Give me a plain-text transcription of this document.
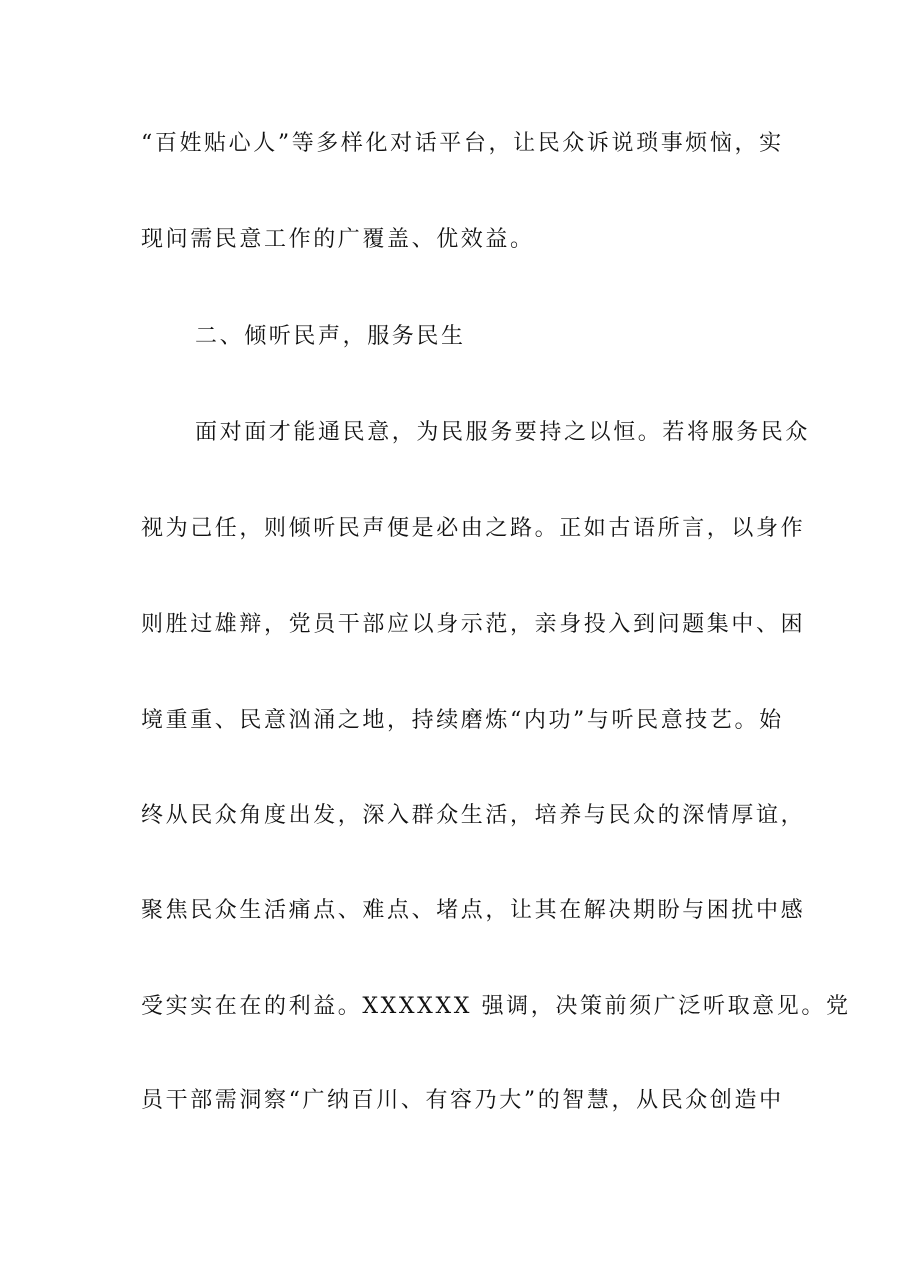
“百姓贴心人”等多样化对话平台，让民众诉说琐事烦恼，实
现问需民意工作的广覆盖、优效益。
二、倾听民声，服务民生
面对面才能通民意，为民服务要持之以恒。若将服务民众
视为己任，则倾听民声便是必由之路。正如古语所言，以身作
则胜过雄辩，党员干部应以身示范，亲身投入到问题集中、困
境重重、民意汹涌之地，持续磨炼“内功”与听民意技艺。始
终从民众角度出发，深入群众生活，培养与民众的深情厚谊，
聚焦民众生活痛点、难点、堵点，让其在解决期盼与困扰中感
受实实在在的利益。XXXXXX 强调，决策前须广泛听取意见。党
员干部需洞察“广纳百川、有容乃大”的智慧，从民众创造中
